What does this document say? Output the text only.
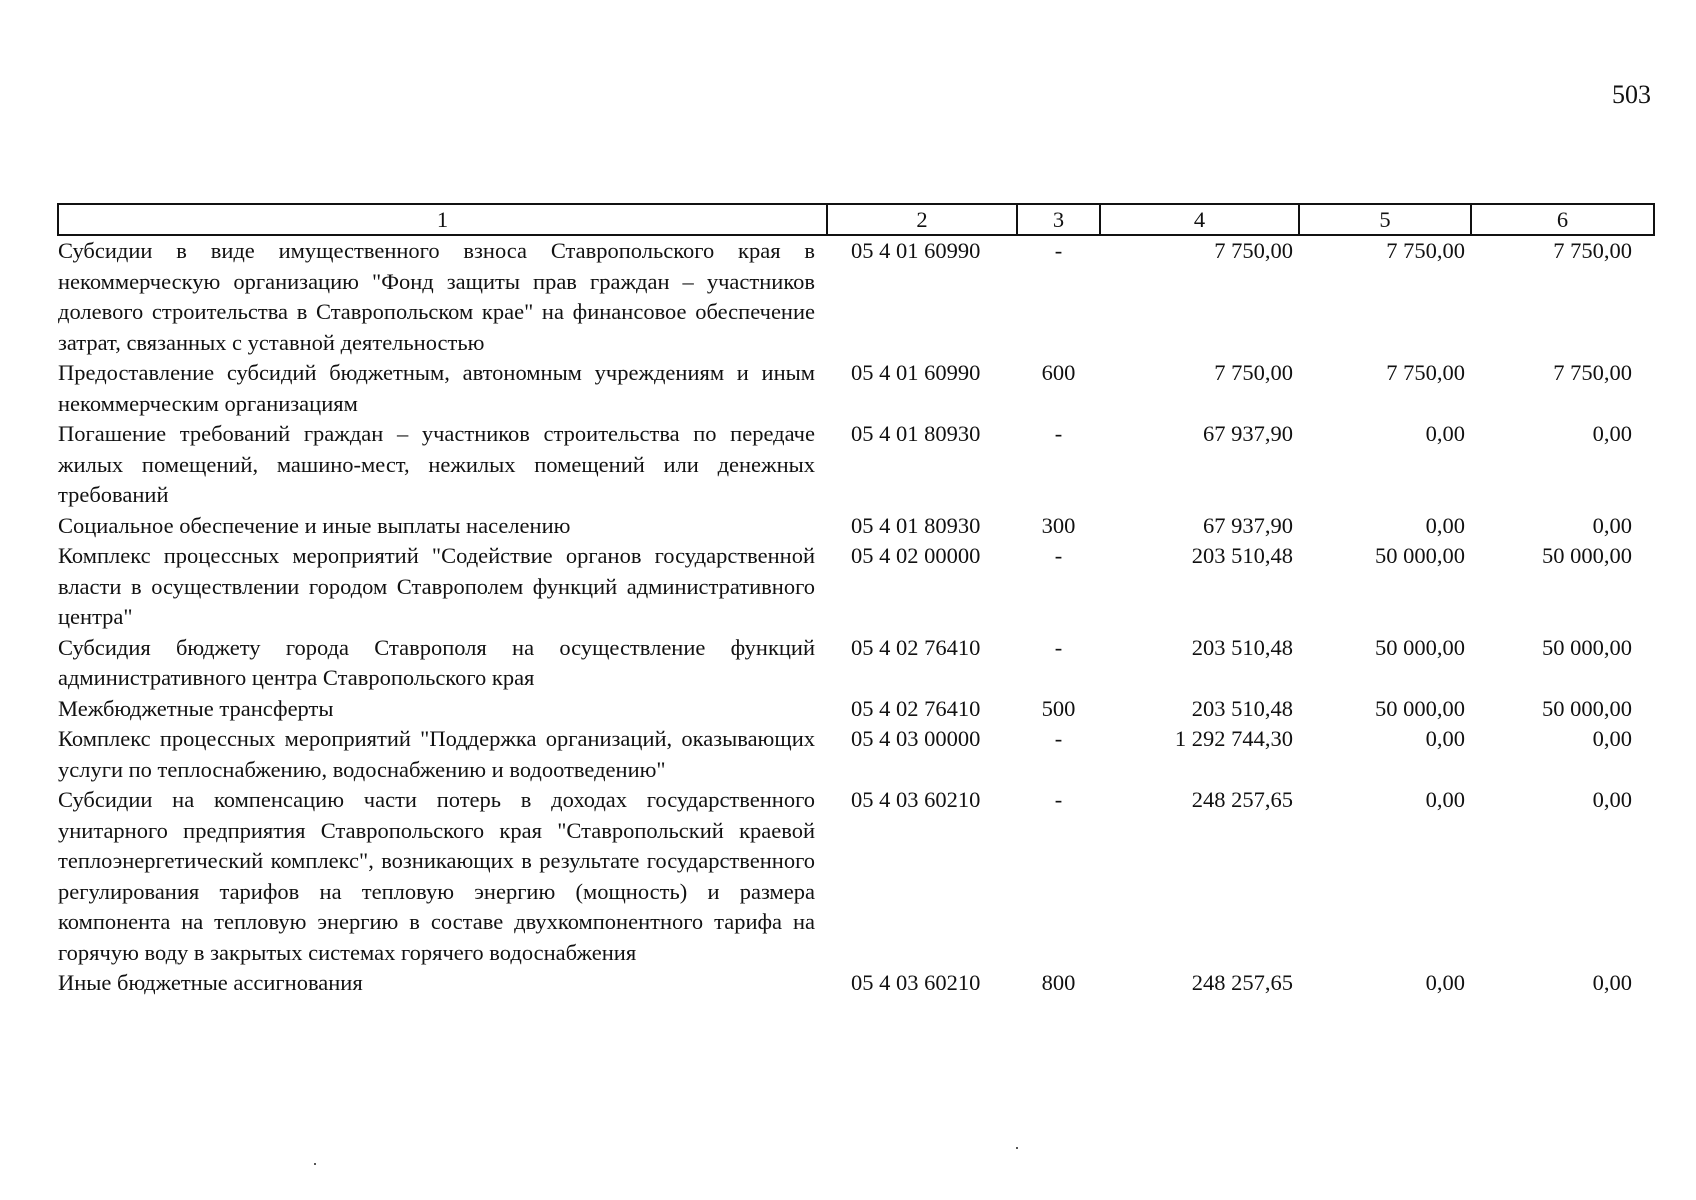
503
1	2	3	4	5	6
Субсидии в виде имущественного взноса Ставропольского края в некоммерческую организацию "Фонд защиты прав граждан – участников долевого строительства в Ставропольском крае" на финансовое обеспечение затрат, связанных с уставной деятельностью	05 4 01 60990	-	7 750,00	7 750,00	7 750,00
Предоставление субсидий бюджетным, автономным учреждениям и иным некоммерческим организациям	05 4 01 60990	600	7 750,00	7 750,00	7 750,00
Погашение требований граждан – участников строительства по передаче жилых помещений, машино-мест, нежилых помещений или денежных требований	05 4 01 80930	-	67 937,90	0,00	0,00
Социальное обеспечение и иные выплаты населению	05 4 01 80930	300	67 937,90	0,00	0,00
Комплекс процессных мероприятий "Содействие органов государственной власти в осуществлении городом Ставрополем функций административного центра"	05 4 02 00000	-	203 510,48	50 000,00	50 000,00
Субсидия бюджету города Ставрополя на осуществление функций административного центра Ставропольского края	05 4 02 76410	-	203 510,48	50 000,00	50 000,00
Межбюджетные трансферты	05 4 02 76410	500	203 510,48	50 000,00	50 000,00
Комплекс процессных мероприятий "Поддержка организаций, оказывающих услуги по теплоснабжению, водоснабжению и водоотведению"	05 4 03 00000	-	1 292 744,30	0,00	0,00
Субсидии на компенсацию части потерь в доходах государственного унитарного предприятия Ставропольского края "Ставропольский краевой теплоэнергетический комплекс", возникающих в результате государственного регулирования тарифов на тепловую энергию (мощность) и размера компонента на тепловую энергию в составе двухкомпонентного тарифа на горячую воду в закрытых системах горячего водоснабжения	05 4 03 60210	-	248 257,65	0,00	0,00
Иные бюджетные ассигнования	05 4 03 60210	800	248 257,65	0,00	0,00
